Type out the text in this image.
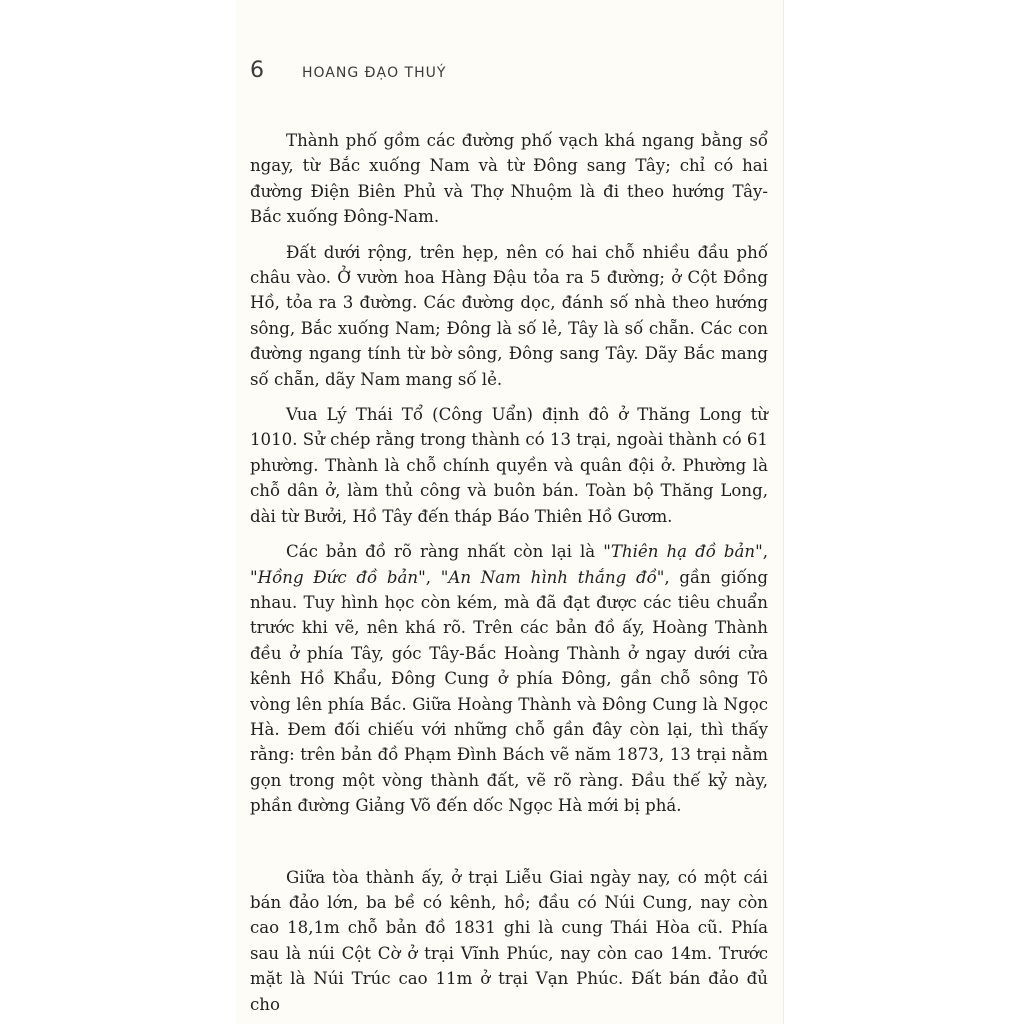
6	HOANG ĐẠO THUÝ

Thành phố gồm các đường phố vạch khá ngang bằng sổ ngay, từ Bắc xuống Nam và từ Đông sang Tây; chỉ có hai đường Điện Biên Phủ và Thợ Nhuộm là đi theo hướng Tây-Bắc xuống Đông-Nam.

Đất dưới rộng, trên hẹp, nên có hai chỗ nhiều đầu phố châu vào. Ở vườn hoa Hàng Đậu tỏa ra 5 đường; ở Cột Đồng Hồ, tỏa ra 3 đường. Các đường dọc, đánh số nhà theo hướng sông, Bắc xuống Nam; Đông là số lẻ, Tây là số chẵn. Các con đường ngang tính từ bờ sông, Đông sang Tây. Dãy Bắc mang số chẵn, dãy Nam mang số lẻ.

Vua Lý Thái Tổ (Công Uẩn) định đô ở Thăng Long từ 1010. Sử chép rằng trong thành có 13 trại, ngoài thành có 61 phường. Thành là chỗ chính quyền và quân đội ở. Phường là chỗ dân ở, làm thủ công và buôn bán. Toàn bộ Thăng Long, dài từ Bưởi, Hồ Tây đến tháp Báo Thiên Hồ Gươm.

Các bản đồ rõ ràng nhất còn lại là "Thiên hạ đồ bản", "Hồng Đức đồ bản", "An Nam hình thắng đồ", gần giống nhau. Tuy hình học còn kém, mà đã đạt được các tiêu chuẩn trước khi vẽ, nên khá rõ. Trên các bản đồ ấy, Hoàng Thành đều ở phía Tây, góc Tây-Bắc Hoàng Thành ở ngay dưới cửa kênh Hồ Khẩu, Đông Cung ở phía Đông, gần chỗ sông Tô vòng lên phía Bắc. Giữa Hoàng Thành và Đông Cung là Ngọc Hà. Đem đối chiếu với những chỗ gần đây còn lại, thì thấy rằng: trên bản đồ Phạm Đình Bách vẽ năm 1873, 13 trại nằm gọn trong một vòng thành đất, vẽ rõ ràng. Đầu thế kỷ này, phần đường Giảng Võ đến dốc Ngọc Hà mới bị phá.

Giữa tòa thành ấy, ở trại Liễu Giai ngày nay, có một cái bán đảo lớn, ba bề có kênh, hồ; đầu có Núi Cung, nay còn cao 18,1m chỗ bản đồ 1831 ghi là cung Thái Hòa cũ. Phía sau là núi Cột Cờ ở trại Vĩnh Phúc, nay còn cao 14m. Trước mặt là Núi Trúc cao 11m ở trại Vạn Phúc. Đất bán đảo đủ cho
